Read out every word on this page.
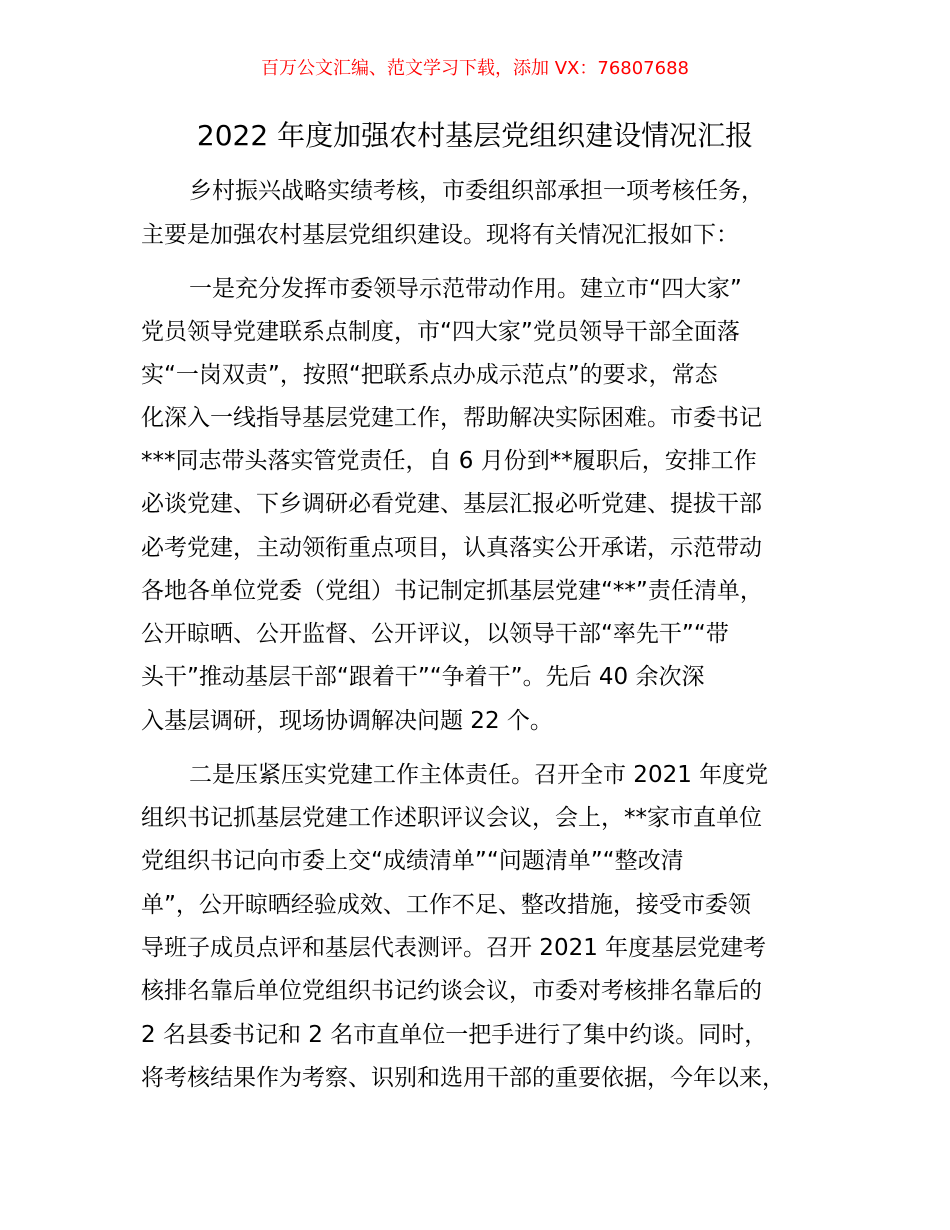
百万公文汇编、范文学习下载，添加 VX：76807688
2022 年度加强农村基层党组织建设情况汇报
乡村振兴战略实绩考核，市委组织部承担一项考核任务，
主要是加强农村基层党组织建设。现将有关情况汇报如下：
一是充分发挥市委领导示范带动作用。建立市“四大家”
党员领导党建联系点制度，市“四大家”党员领导干部全面落
实“一岗双责”，按照“把联系点办成示范点”的要求，常态
化深入一线指导基层党建工作，帮助解决实际困难。市委书记
***同志带头落实管党责任，自 6 月份到**履职后，安排工作
必谈党建、下乡调研必看党建、基层汇报必听党建、提拔干部
必考党建，主动领衔重点项目，认真落实公开承诺，示范带动
各地各单位党委（党组）书记制定抓基层党建“**”责任清单，
公开晾晒、公开监督、公开评议，以领导干部“率先干”“带
头干”推动基层干部“跟着干”“争着干”。先后 40 余次深
入基层调研，现场协调解决问题 22 个。
二是压紧压实党建工作主体责任。召开全市 2021 年度党
组织书记抓基层党建工作述职评议会议，会上，**家市直单位
党组织书记向市委上交“成绩清单”“问题清单”“整改清
单”，公开晾晒经验成效、工作不足、整改措施，接受市委领
导班子成员点评和基层代表测评。召开 2021 年度基层党建考
核排名靠后单位党组织书记约谈会议，市委对考核排名靠后的
2 名县委书记和 2 名市直单位一把手进行了集中约谈。同时，
将考核结果作为考察、识别和选用干部的重要依据，今年以来，
